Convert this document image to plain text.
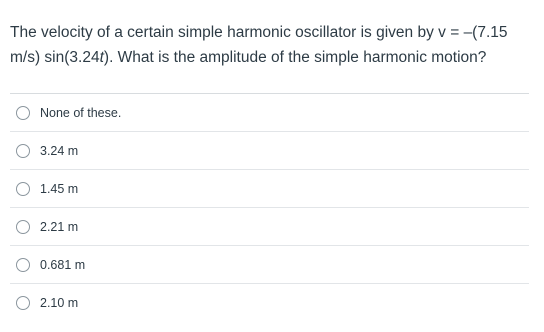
The velocity of a certain simple harmonic oscillator is given by v = –(7.15 m/s) sin(3.24t). What is the amplitude of the simple harmonic motion?

None of these.
3.24 m
1.45 m
2.21 m
0.681 m
2.10 m
